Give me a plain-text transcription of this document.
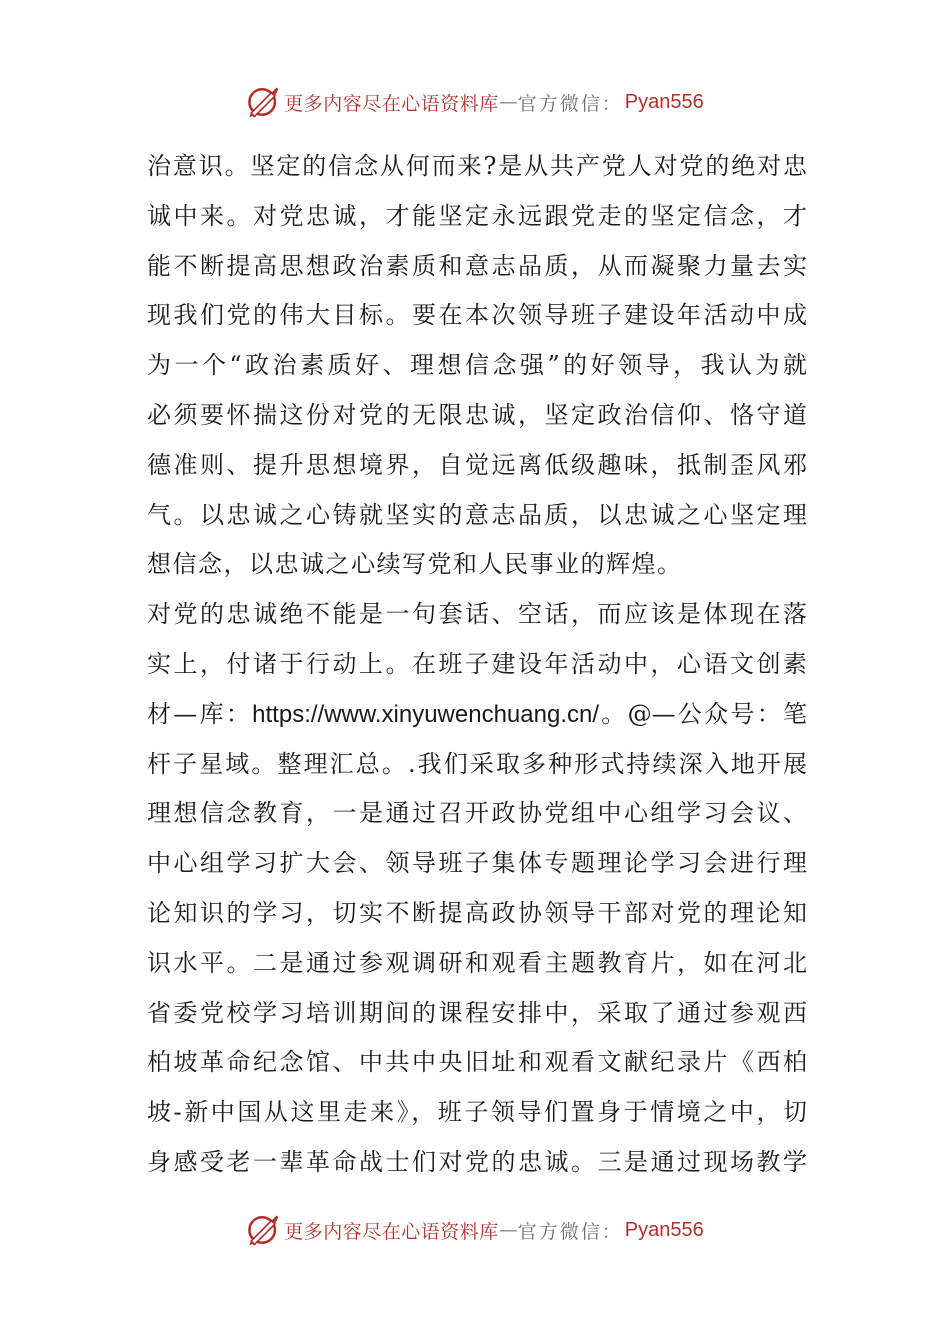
更多内容尽在心语资料库 — 官方微信： Pyan556
治意识。坚定的信念从何而来?是从共产党人对党的绝对忠
诚中来。对党忠诚，才能坚定永远跟党走的坚定信念，才
能不断提高思想政治素质和意志品质，从而凝聚力量去实
现我们党的伟大目标。要在本次领导班子建设年活动中成
为一个“政治素质好、理想信念强”的好领导，我认为就
必须要怀揣这份对党的无限忠诚，坚定政治信仰、恪守道
德准则、提升思想境界，自觉远离低级趣味，抵制歪风邪
气。以忠诚之心铸就坚实的意志品质，以忠诚之心坚定理
想信念，以忠诚之心续写党和人民事业的辉煌。
对党的忠诚绝不能是一句套话、空话，而应该是体现在落
实上，付诸于行动上。在班子建设年活动中，心语文创素
材—库：https://www.xinyuwenchuang.cn/。@—公众号：笔
杆子星域。整理汇总。.我们采取多种形式持续深入地开展
理想信念教育，一是通过召开政协党组中心组学习会议、
中心组学习扩大会、领导班子集体专题理论学习会进行理
论知识的学习，切实不断提高政协领导干部对党的理论知
识水平。二是通过参观调研和观看主题教育片，如在河北
省委党校学习培训期间的课程安排中，采取了通过参观西
柏坡革命纪念馆、中共中央旧址和观看文献纪录片《西柏
坡-新中国从这里走来》，班子领导们置身于情境之中，切
身感受老一辈革命战士们对党的忠诚。三是通过现场教学
更多内容尽在心语资料库 — 官方微信： Pyan556
